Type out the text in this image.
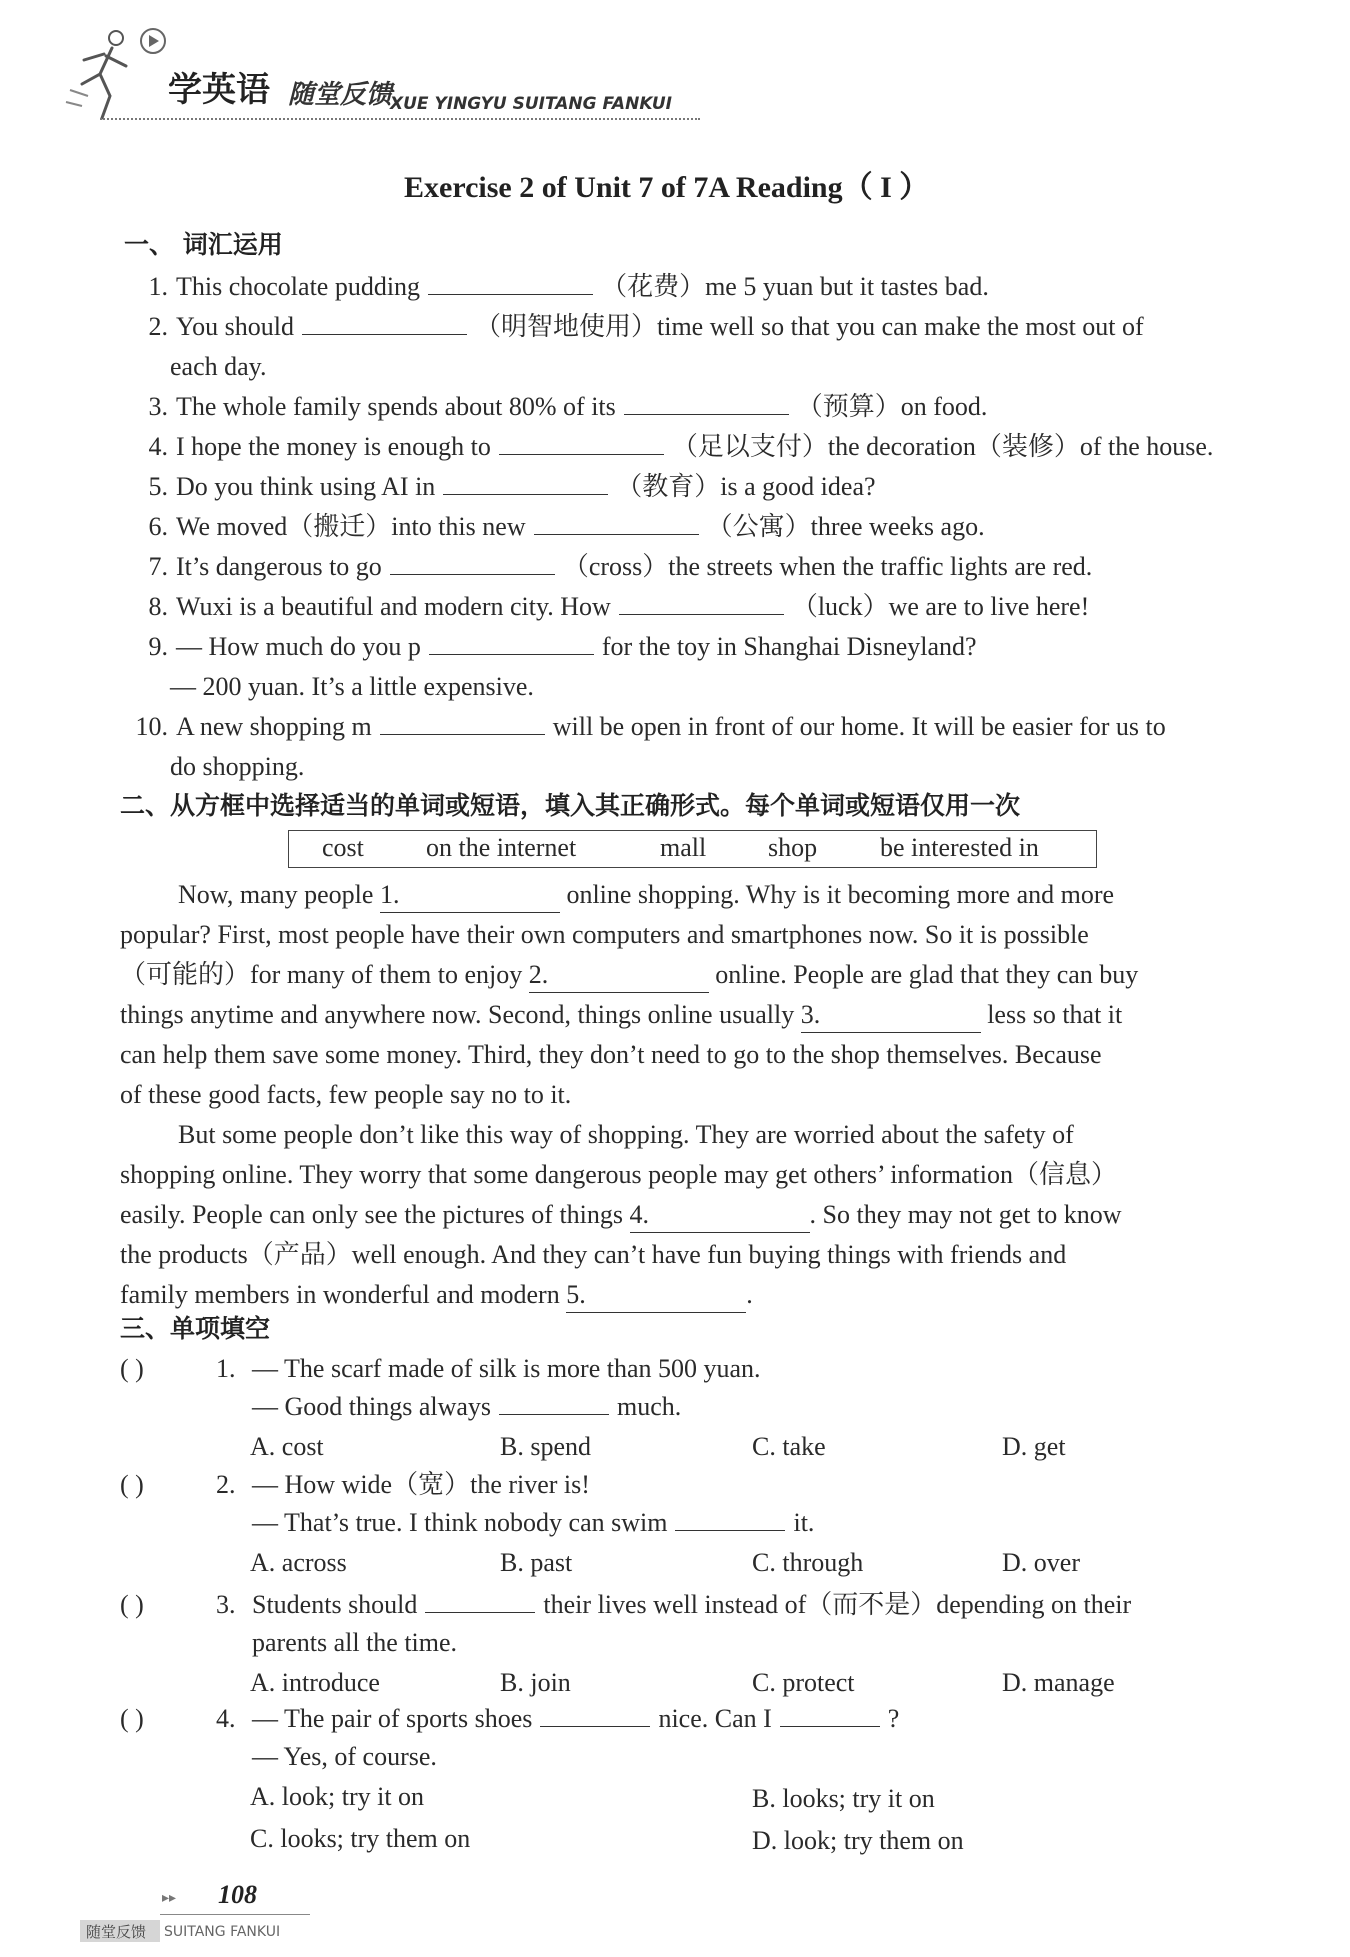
学英语 随堂反馈
XUE YINGYU SUITANG FANKUI
Exercise 2 of Unit 7 of 7A Reading（ I ）
一、 词汇运用
1. This chocolate pudding	（花费）me 5 yuan but it tastes bad.
2. You should	（明智地使用）time well so that you can make the most out of
each day.
3. The whole family spends about 80% of its	（预算）on food.
4. I hope the money is enough to	（足以支付）the decoration（装修）of the house.
5. Do you think using AI in	（教育）is a good idea?
6. We moved（搬迁）into this new	（公寓）three weeks ago.
7. It’s dangerous to go	（cross）the streets when the traffic lights are red.
8. Wuxi is a beautiful and modern city. How	（luck）we are to live here!
9. — How much do you p	for the toy in Shanghai Disneyland?
— 200 yuan. It’s a little expensive.
10. A new shopping m	will be open in front of our home. It will be easier for us to
do shopping.
二、从方框中选择适当的单词或短语，填入其正确形式。每个单词或短语仅用一次
cost on the internet	mall shop be interested in
Now, many people 1.	online shopping. Why is it becoming more and more
popular? First, most people have their own computers and smartphones now. So it is possible
（可能的）for many of them to enjoy 2.	online. People are glad that they can buy
things anytime and anywhere now. Second, things online usually 3.	less so that it
can help them save some money. Third, they don’t need to go to the shop themselves. Because
of these good facts, few people say no to it.
But some people don’t like this way of shopping. They are worried about the safety of
shopping online. They worry that some dangerous people may get others’ information（信息）
easily. People can only see the pictures of things 4.	. So they may not get to know
the products（产品）well enough. And they can’t have fun buying things with friends and
family members in wonderful and modern 5.	.
三、单项填空
( )	1. — The scarf made of silk is more than 500 yuan.
— Good things always	much.
A. cost	B. spend	C. take	D. get
( )	2. — How wide（宽）the river is!
— That’s true. I think nobody can swim	it.
A. across	B. past	C. through	D. over
( )	3. Students should	their lives well instead of（而不是）depending on their
parents all the time.
A. introduce	B. join	C. protect	D. manage
( )	4. — The pair of sports shoes	nice. Can I	?
— Yes, of course.
A. look; try it on	B. looks; try it on
C. looks; try them on	D. look; try them on
▸▸ 108
随堂反馈 SUITANG FANKUI
